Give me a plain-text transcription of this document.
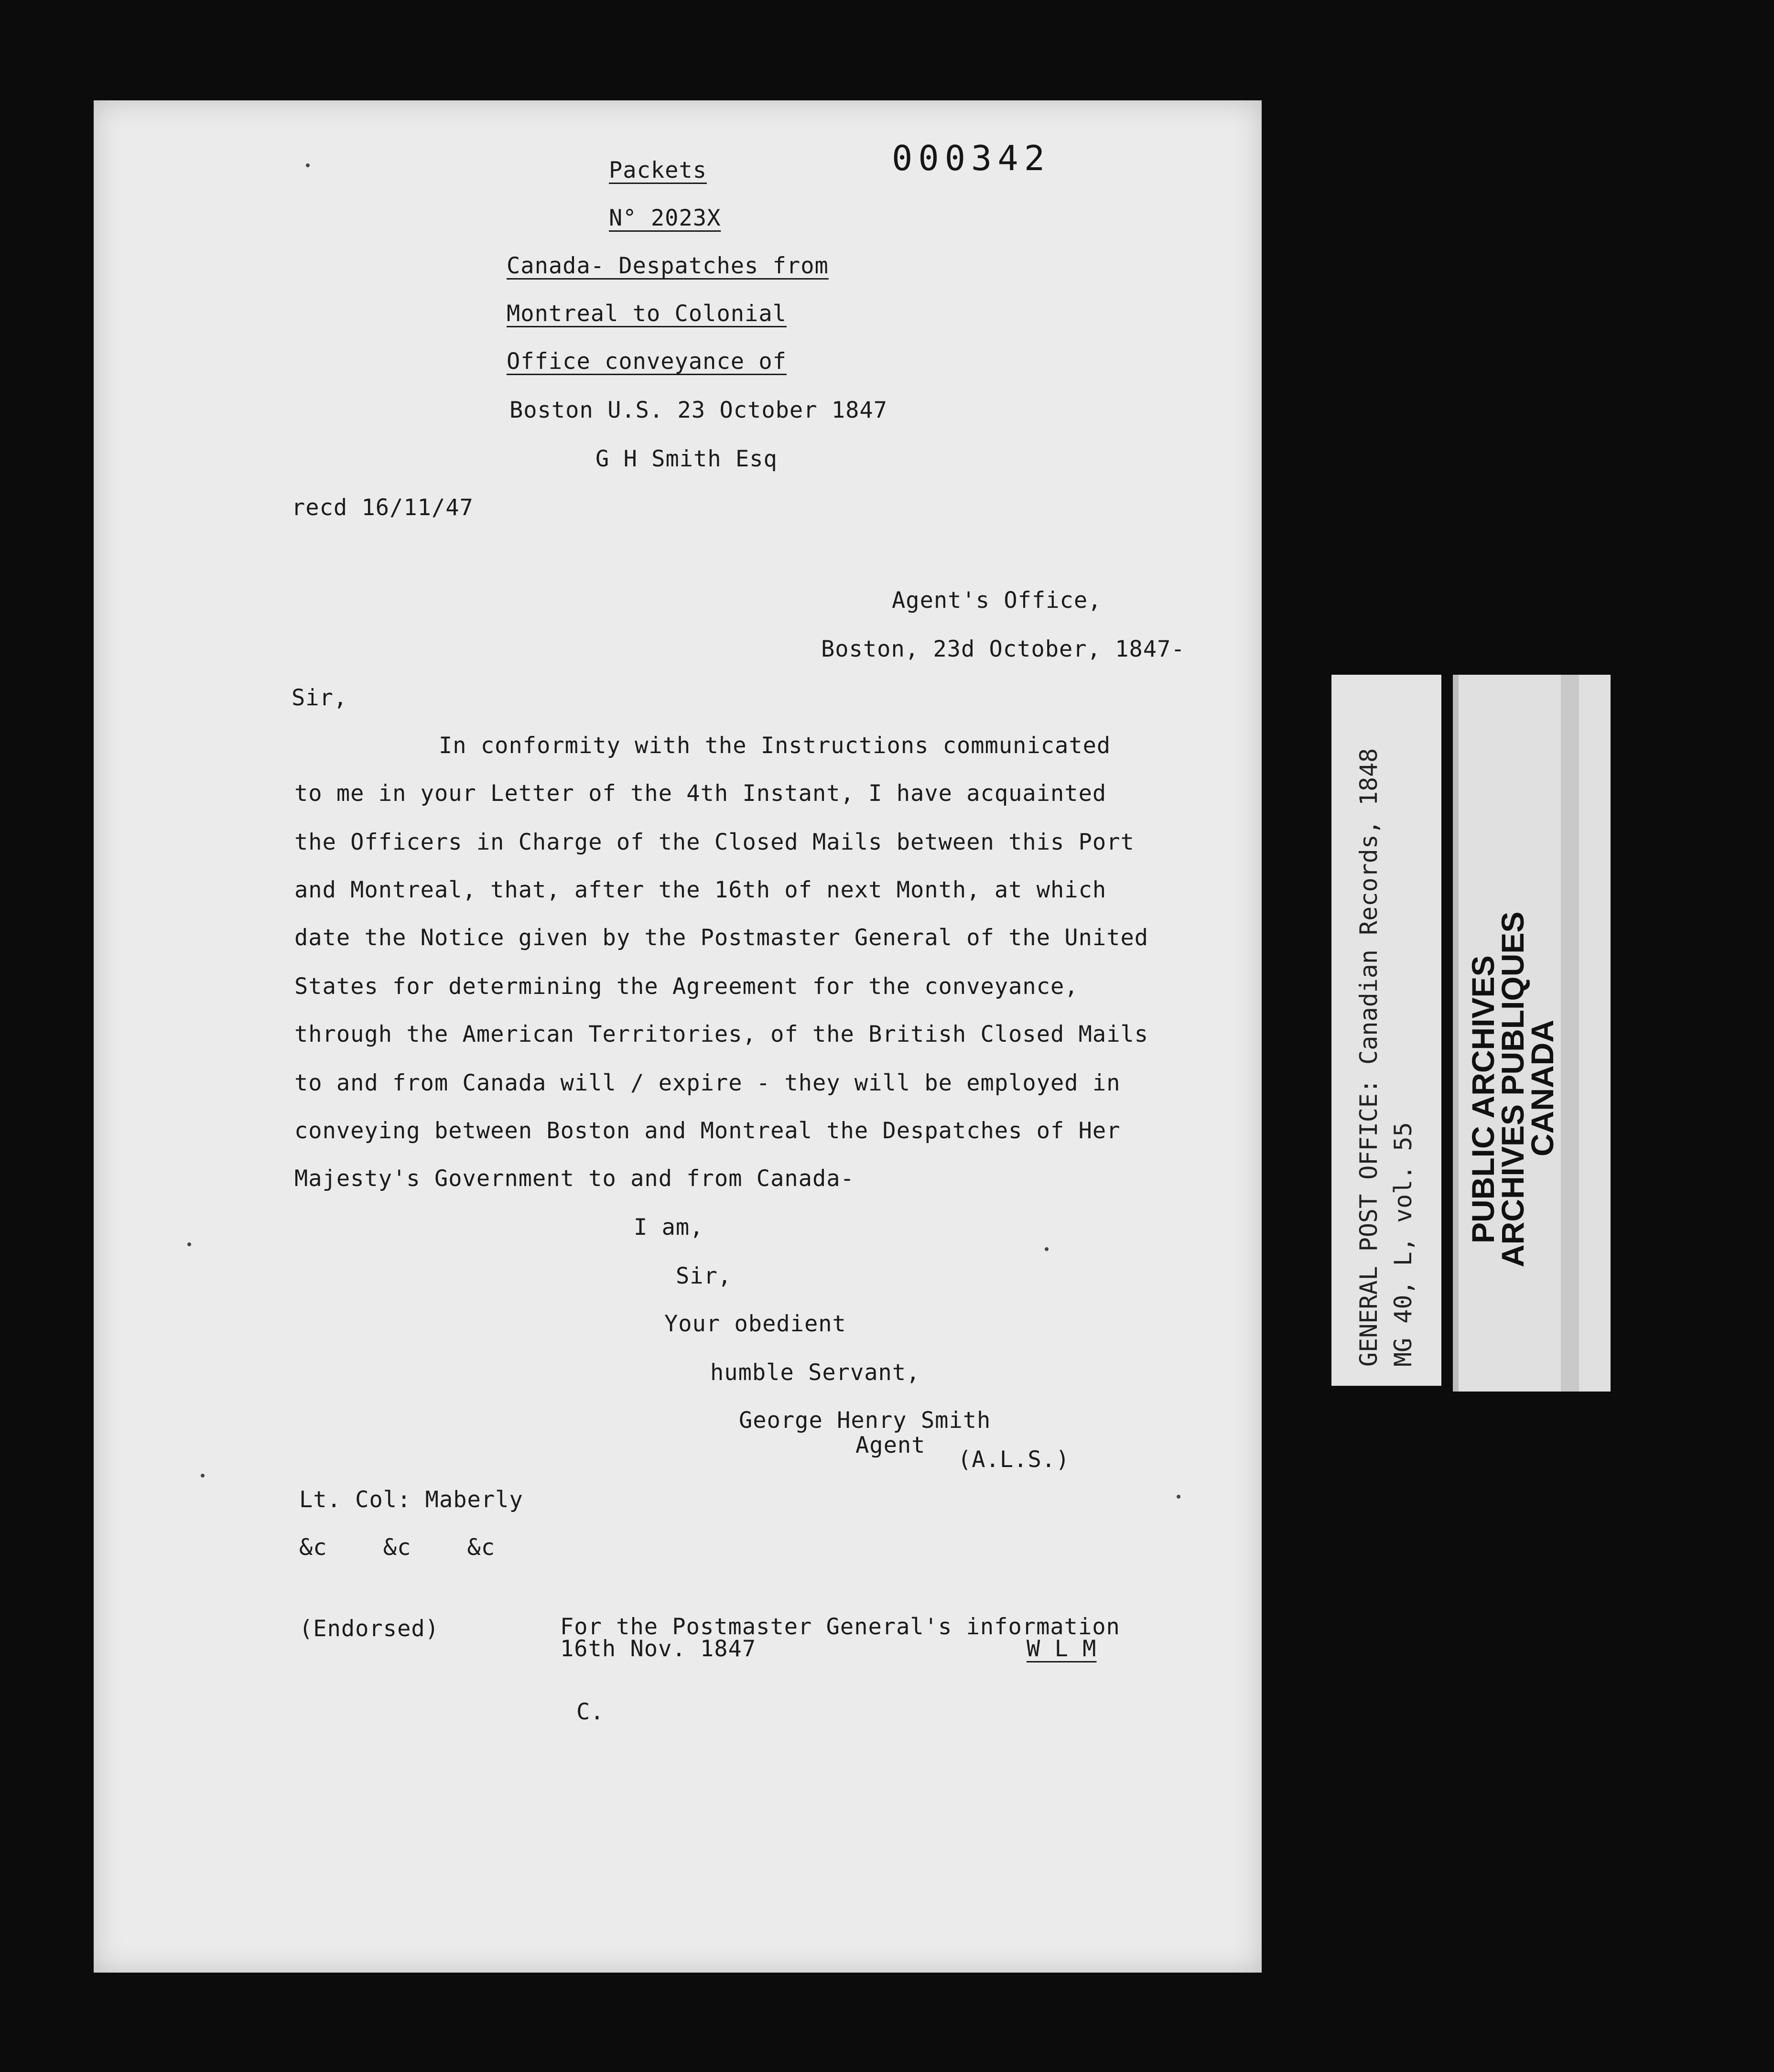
000342
Packets
N° 2023X
Canada- Despatches from
Montreal to Colonial
Office conveyance of
Boston U.S. 23 October 1847
G H Smith Esq
recd 16/11/47
Agent's Office,
Boston, 23d October, 1847-
Sir,
In conformity with the Instructions communicated
to me in your Letter of the 4th Instant, I have acquainted
the Officers in Charge of the Closed Mails between this Port
and Montreal, that, after the 16th of next Month, at which
date the Notice given by the Postmaster General of the United
States for determining the Agreement for the conveyance,
through the American Territories, of the British Closed Mails
to and from Canada will / expire - they will be employed in
conveying between Boston and Montreal the Despatches of Her
Majesty's Government to and from Canada-
I am,
Sir,
Your obedient
humble Servant,
George Henry Smith
Agent
(A.L.S.)
Lt. Col: Maberly
&c    &c    &c
(Endorsed)	For the Postmaster General's information
16th Nov. 1847	W L M
C.
GENERAL POST OFFICE: Canadian Records, 1848 MG 40, L, vol. 55
PUBLIC ARCHIVES
ARCHIVES PUBLIQUES
CANADA
